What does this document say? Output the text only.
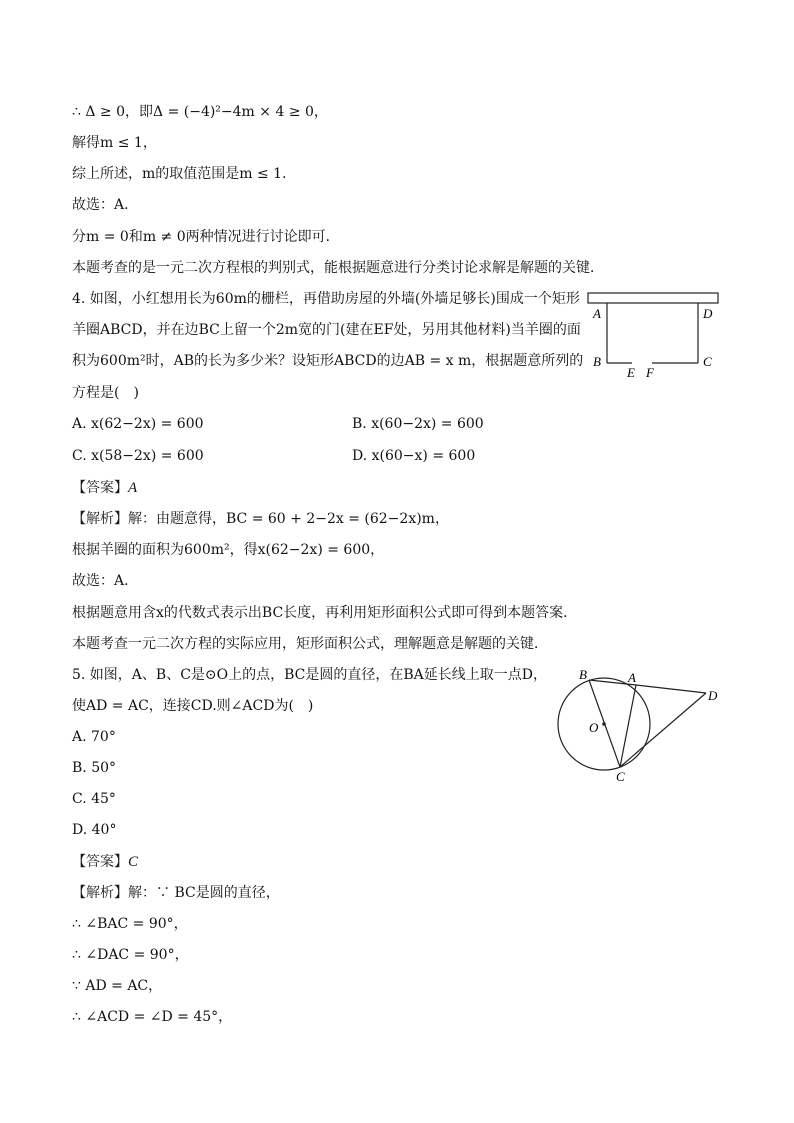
∴ Δ ≥ 0，即Δ = (−4)²−4m × 4 ≥ 0，
解得m ≤ 1，
综上所述，m的取值范围是m ≤ 1．
故选：A．
分m = 0和m ≠ 0两种情况进行讨论即可．
本题考查的是一元二次方程根的判别式，能根据题意进行分类讨论求解是解题的关键．
4. 如图，小红想用长为60m的栅栏，再借助房屋的外墙(外墙足够长)围成一个矩形
羊圈ABCD，并在边BC上留一个2m宽的门(建在EF处，另用其他材料)当羊圈的面
积为600m²时，AB的长为多少米？设矩形ABCD的边AB = x m，根据题意所列的
方程是(　)
A. x(62−2x) = 600	B. x(60−2x) = 600
C. x(58−2x) = 600	D. x(60−x) = 600
【答案】A
【解析】解：由题意得，BC = 60 + 2−2x = (62−2x)m，
根据羊圈的面积为600m²，得x(62−2x) = 600，
故选：A．
根据题意用含x的代数式表示出BC长度，再利用矩形面积公式即可得到本题答案．
本题考查一元二次方程的实际应用，矩形面积公式，理解题意是解题的关键．
A	D
B	C
E F
5. 如图，A、B、C是⊙O上的点，BC是圆的直径，在BA延长线上取一点D，
使AD = AC，连接CD.则∠ACD为(　)
A. 70°
B. 50°
C. 45°
D. 40°
【答案】C
【解析】解：∵ BC是圆的直径，
∴ ∠BAC = 90°，
∴ ∠DAC = 90°，
∵ AD = AC，
∴ ∠ACD = ∠D = 45°，
B	A
D
O
C
